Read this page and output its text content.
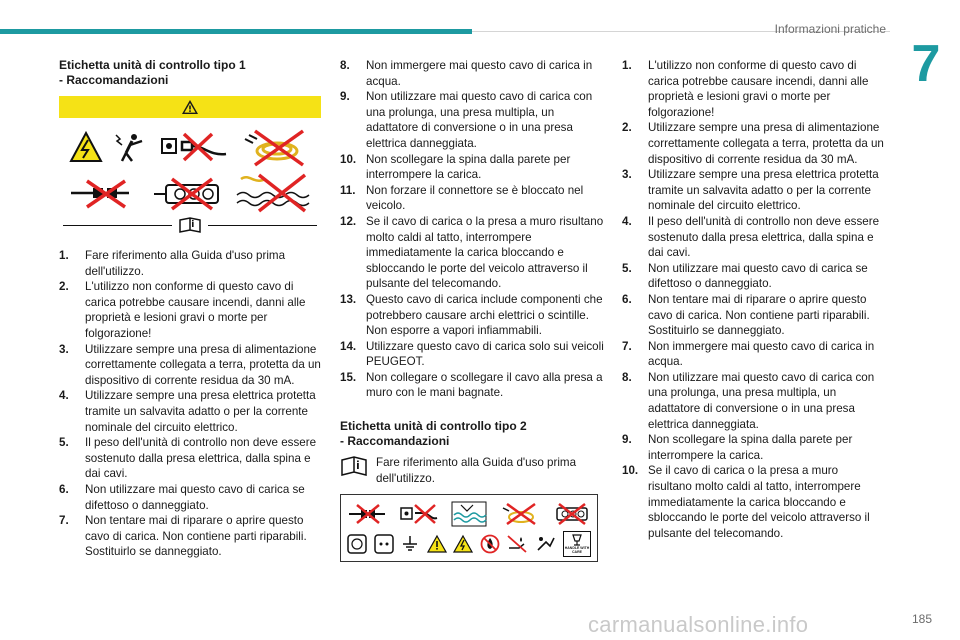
Informazioni pratiche
7
Etichetta unità di controllo tipo 1
- Raccomandazioni
1.	Fare riferimento alla Guida d'uso prima dell'utilizzo.
2.	L'utilizzo non conforme di questo cavo di carica potrebbe causare incendi, danni alle proprietà e lesioni gravi o morte per folgorazione!
3.	Utilizzare sempre una presa di alimentazione correttamente collegata a terra, protetta da un dispositivo di corrente residua da 30 mA.
4.	Utilizzare sempre una presa elettrica protetta tramite un salvavita adatto o per la corrente nominale del circuito elettrico.
5.	Il peso dell'unità di controllo non deve essere sostenuto dalla presa elettrica, dalla spina e dai cavi.
6.	Non utilizzare mai questo cavo di carica se difettoso o danneggiato.
7.	Non tentare mai di riparare o aprire questo cavo di carica. Non contiene parti riparabili. Sostituirlo se danneggiato.
8.	Non immergere mai questo cavo di carica in acqua.
9.	Non utilizzare mai questo cavo di carica con una prolunga, una presa multipla, un adattatore di conversione o in una presa elettrica danneggiata.
10. Non scollegare la spina dalla parete per interrompere la carica.
11. Non forzare il connettore se è bloccato nel veicolo.
12. Se il cavo di carica o la presa a muro risultano molto caldi al tatto, interrompere immediatamente la carica bloccando e sbloccando le porte del veicolo attraverso il pulsante del telecomando.
13. Questo cavo di carica include componenti che potrebbero causare archi elettrici o scintille. Non esporre a vapori infiammabili.
14. Utilizzare questo cavo di carica solo sui veicoli PEUGEOT.
15. Non collegare o scollegare il cavo alla presa a muro con le mani bagnate.
Etichetta unità di controllo tipo 2
- Raccomandazioni
Fare riferimento alla Guida d'uso prima dell'utilizzo.
HANDLE WITH CARE
1.	L'utilizzo non conforme di questo cavo di carica potrebbe causare incendi, danni alle proprietà e lesioni gravi o morte per folgorazione!
2.	Utilizzare sempre una presa di alimentazione correttamente collegata a terra, protetta da un dispositivo di corrente residua da 30 mA.
3.	Utilizzare sempre una presa elettrica protetta tramite un salvavita adatto o per la corrente nominale del circuito elettrico.
4.	Il peso dell'unità di controllo non deve essere sostenuto dalla presa elettrica, dalla spina e dai cavi.
5.	Non utilizzare mai questo cavo di carica se difettoso o danneggiato.
6.	Non tentare mai di riparare o aprire questo cavo di carica. Non contiene parti riparabili. Sostituirlo se danneggiato.
7.	Non immergere mai questo cavo di carica in acqua.
8.	Non utilizzare mai questo cavo di carica con una prolunga, una presa multipla, un adattatore di conversione o in una presa elettrica danneggiata.
9.	Non scollegare la spina dalla parete per interrompere la carica.
10. Se il cavo di carica o la presa a muro risultano molto caldi al tatto, interrompere immediatamente la carica bloccando e sbloccando le porte del veicolo attraverso il pulsante del telecomando.
carmanualsonline.info	185
